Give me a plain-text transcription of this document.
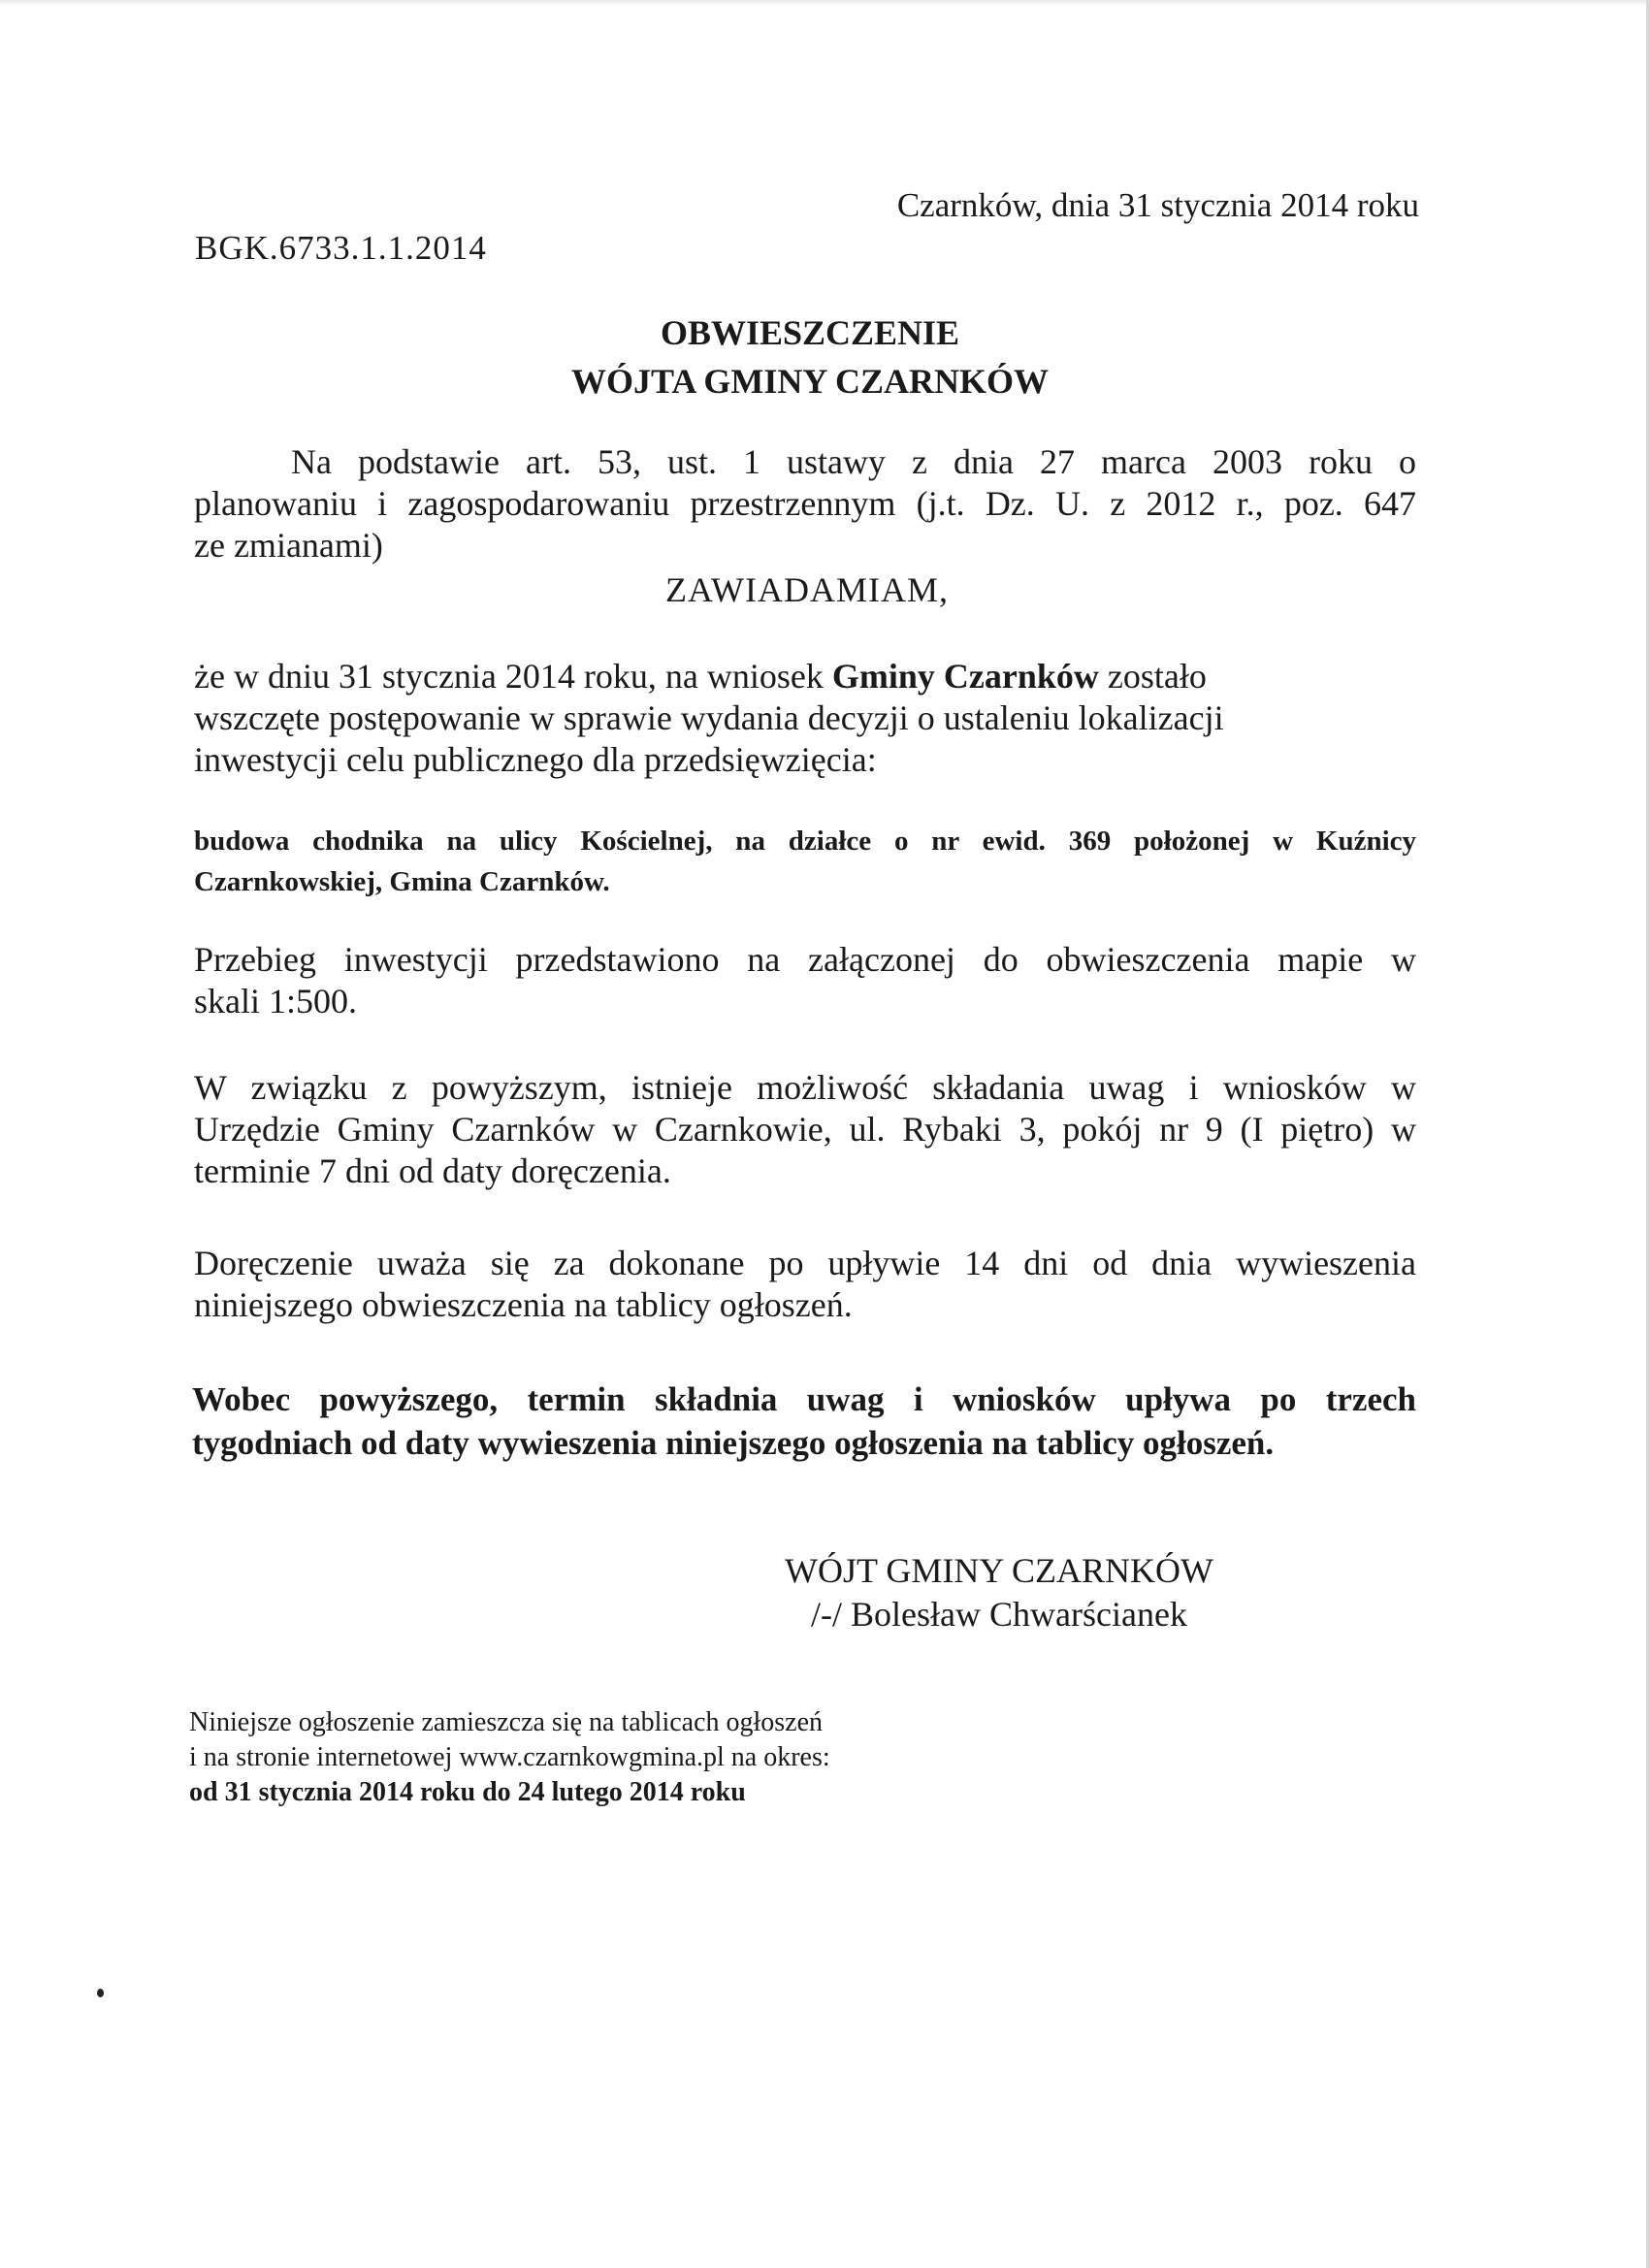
Czarnków, dnia 31 stycznia 2014 roku

BGK.6733.1.1.2014

OBWIESZCZENIE
WÓJTA GMINY CZARNKÓW
Na podstawie art. 53, ust. 1 ustawy z dnia 27 marca 2003 roku o
planowaniu i zagospodarowaniu przestrzennym (j.t. Dz. U. z 2012 r., poz. 647
ze zmianami)

ZAWIADAMIAM,

że w dniu 31 stycznia 2014 roku, na wniosek Gminy Czarnków zostało
wszczęte postępowanie w sprawie wydania decyzji o ustaleniu lokalizacji
inwestycji celu publicznego dla przedsięwzięcia:
budowa chodnika na ulicy Kościelnej, na działce o nr ewid. 369 położonej w Kuźnicy
Czarnkowskiej, Gmina Czarnków.
Przebieg inwestycji przedstawiono na załączonej do obwieszczenia mapie w
skali 1:500.
W związku z powyższym, istnieje możliwość składania uwag i wniosków w
Urzędzie Gminy Czarnków w Czarnkowie, ul. Rybaki 3, pokój nr 9 (I piętro) w
terminie 7 dni od daty doręczenia.
Doręczenie uważa się za dokonane po upływie 14 dni od dnia wywieszenia
niniejszego obwieszczenia na tablicy ogłoszeń.
Wobec powyższego, termin składnia uwag i wniosków upływa po trzech
tygodniach od daty wywieszenia niniejszego ogłoszenia na tablicy ogłoszeń.
WÓJT GMINY CZARNKÓW
/-/ Bolesław Chwarścianek
Niniejsze ogłoszenie zamieszcza się na tablicach ogłoszeń
i na stronie internetowej www.czarnkowgmina.pl na okres:
od 31 stycznia 2014 roku do 24 lutego 2014 roku
